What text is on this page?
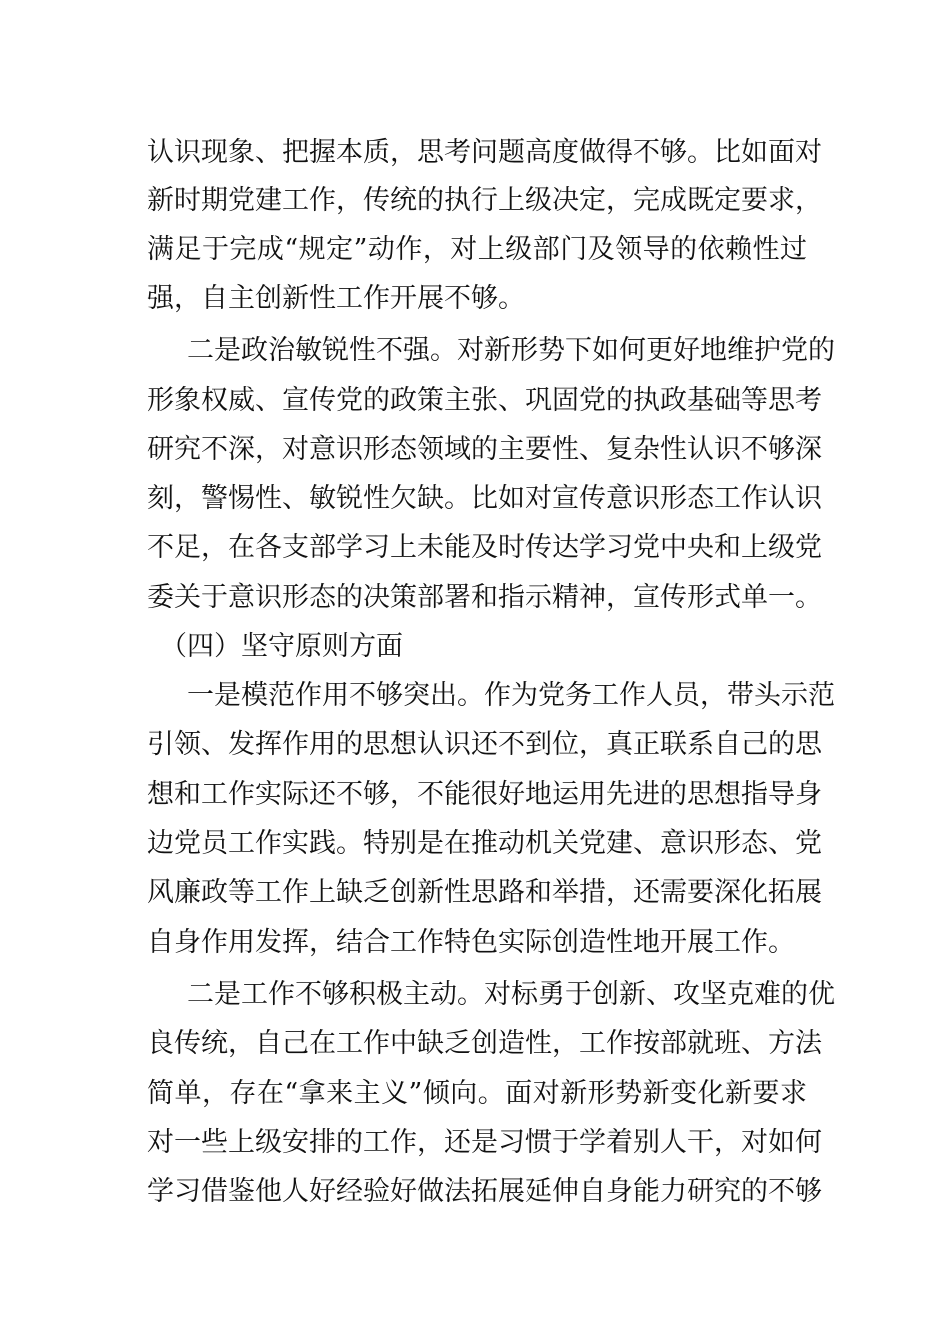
认识现象、把握本质，思考问题高度做得不够。比如面对
新时期党建工作，传统的执行上级决定，完成既定要求，
满足于完成“规定”动作，对上级部门及领导的依赖性过
强，自主创新性工作开展不够。
二是政治敏锐性不强。对新形势下如何更好地维护党的
形象权威、宣传党的政策主张、巩固党的执政基础等思考
研究不深，对意识形态领域的主要性、复杂性认识不够深
刻，警惕性、敏锐性欠缺。比如对宣传意识形态工作认识
不足，在各支部学习上未能及时传达学习党中央和上级党
委关于意识形态的决策部署和指示精神，宣传形式单一。
（四）坚守原则方面
一是模范作用不够突出。作为党务工作人员，带头示范
引领、发挥作用的思想认识还不到位，真正联系自己的思
想和工作实际还不够，不能很好地运用先进的思想指导身
边党员工作实践。特别是在推动机关党建、意识形态、党
风廉政等工作上缺乏创新性思路和举措，还需要深化拓展
自身作用发挥，结合工作特色实际创造性地开展工作。
二是工作不够积极主动。对标勇于创新、攻坚克难的优
良传统，自己在工作中缺乏创造性，工作按部就班、方法
简单，存在“拿来主义”倾向。面对新形势新变化新要求
对一些上级安排的工作，还是习惯于学着别人干，对如何
学习借鉴他人好经验好做法拓展延伸自身能力研究的不够
